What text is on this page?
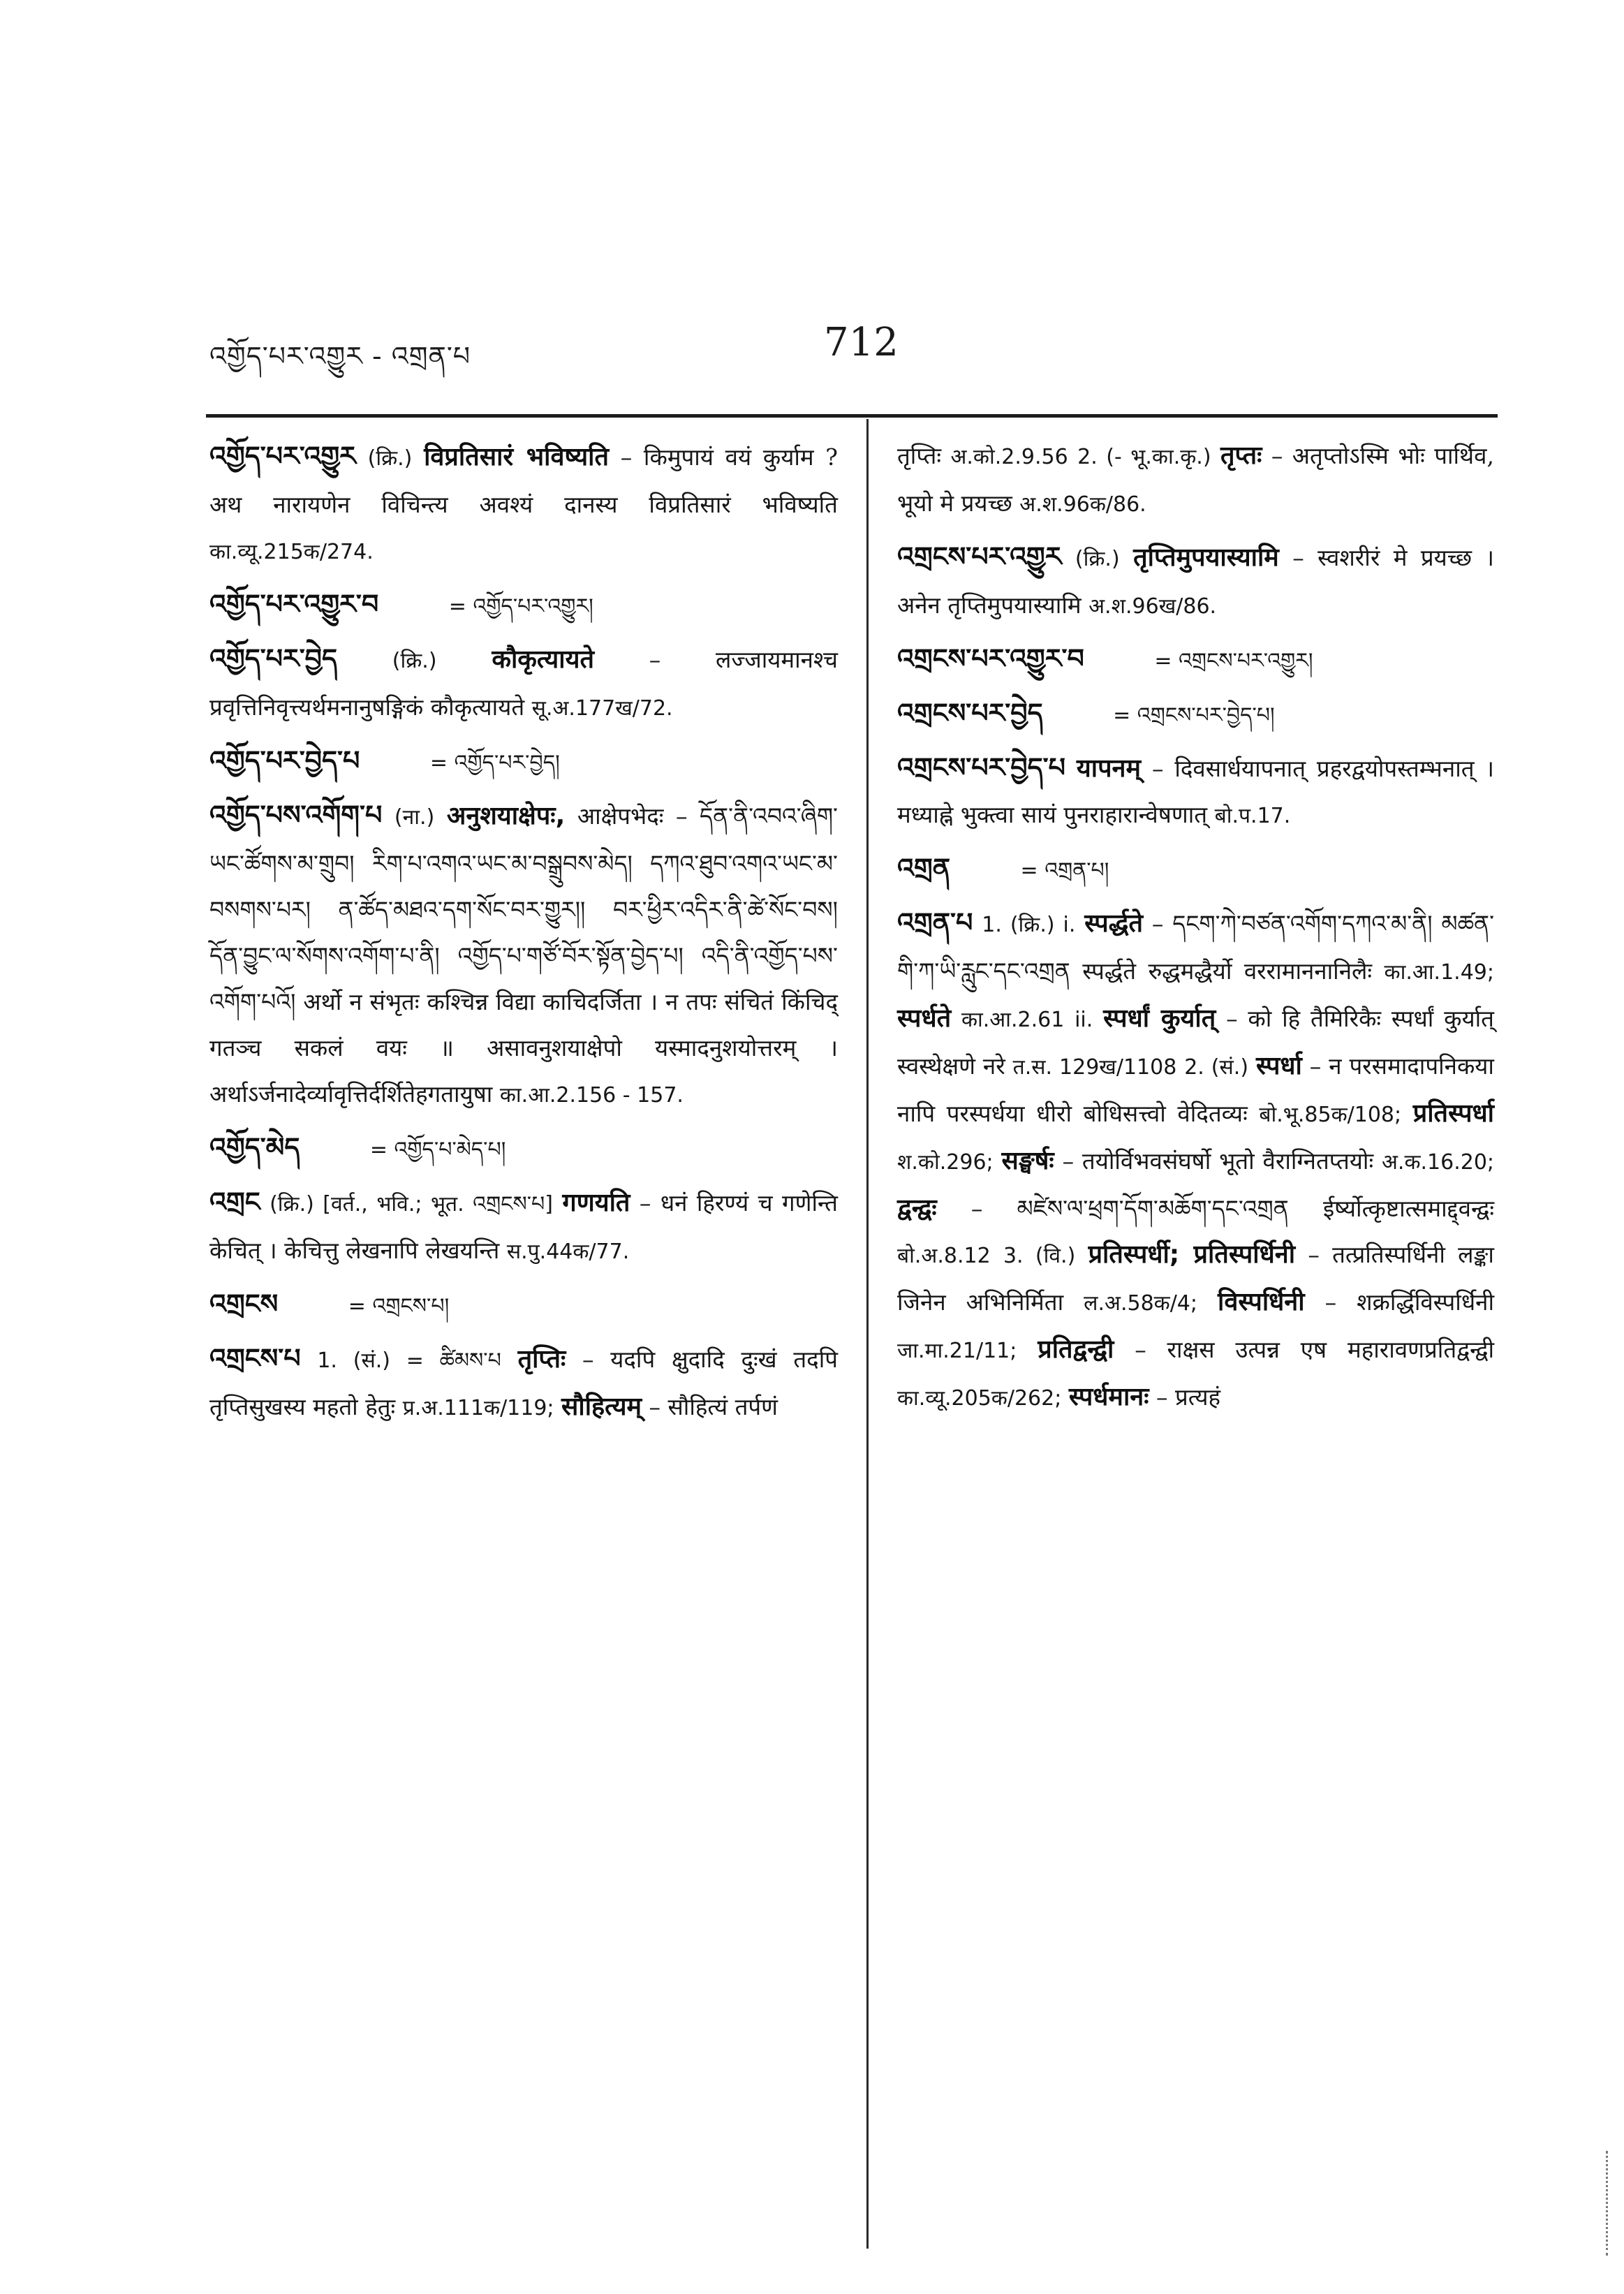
འགྱོད་པར་འགྱུར - འགྲན་པ	712
འགྱོད་པར་འགྱུར (क्रि.) विप्रतिसारं भविष्यति – किमुपायं वयं कुर्याम ? अथ नारायणेन विचिन्त्य अवश्यं दानस्य विप्रतिसारं भविष्यति का.व्यू.215क/274.
འགྱོད་པར་འགྱུར་བ	= འགྱོད་པར་འགྱུར།
འགྱོད་པར་བྱེད	(क्रि.) कौकृत्यायते – लज्जायमानश्च प्रवृत्तिनिवृत्त्यर्थमनानुषङ्गिकं कौकृत्यायते सू.अ.177ख/72.
འགྱོད་པར་བྱེད་པ	= འགྱོད་པར་བྱེད།
འགྱོད་པས་འགོག་པ (ना.) अनुशयाक्षेपः, आक्षेपभेदः – དོན་ནི་འབའ་ཞིག་ཡང་ཚོགས་མ་གྲུབ། རིག་པ་འགའ་ཡང་མ་བསྒྲུབས་མེད། དཀའ་ཐུབ་འགའ་ཡང་མ་བསགས་པར། ན་ཚོད་མཐའ་དག་སོང་བར་གྱུར།། བར་ཕྱིར་འདིར་ནི་ཚེ་སོང་བས། དོན་བྱུང་ལ་སོགས་འགོག་པ་ནི། འགྱོད་པ་གཙོ་བོར་སྟོན་བྱེད་པ། འདི་ནི་འགྱོད་པས་འགོག་པའོ། अर्थो न संभृतः कश्चिन्न विद्या काचिदर्जिता । न तपः संचितं किंचिद् गतञ्च सकलं वयः ॥ असावनुशयाक्षेपो यस्मादनुशयोत्तरम् । अर्थाऽर्जनादेर्व्यावृत्तिर्दर्शितेहगतायुषा का.आ.2.156 - 157.
འགྱོད་མེད	= འགྱོད་པ་མེད་པ།
འགྲང (क्रि.) [वर्त., भवि.; भूत. འགྲངས་པ] गणयति – धनं हिरण्यं च गणेन्ति केचित् । केचित्तु लेखनापि लेखयन्ति स.पु.44क/77.
འགྲངས	= འགྲངས་པ།
འགྲངས་པ 1. (सं.) = ཚིམས་པ तृप्तिः – यदपि क्षुदादि दुःखं तदपि तृप्तिसुखस्य महतो हेतुः प्र.अ.111क/119; सौहित्यम् – सौहित्यं तर्पणं
तृप्तिः अ.को.2.9.56 2. (- भू.का.कृ.) तृप्तः – अतृप्तोऽस्मि भोः पार्थिव, भूयो मे प्रयच्छ अ.श.96क/86.
འགྲངས་པར་འགྱུར (क्रि.) तृप्तिमुपयास्यामि – स्वशरीरं मे प्रयच्छ । अनेन तृप्तिमुपयास्यामि अ.श.96ख/86.
འགྲངས་པར་འགྱུར་བ	= འགྲངས་པར་འགྱུར།
འགྲངས་པར་བྱེད	= འགྲངས་པར་བྱེད་པ།
འགྲངས་པར་བྱེད་པ यापनम् – दिवसार्धयापनात् प्रहरद्वयोपस्तम्भनात् । मध्याह्ने भुक्त्वा सायं पुनराहारान्वेषणात् बो.प.17.
འགྲན	= འགྲན་པ།
འགྲན་པ 1. (क्रि.) i. स्पर्द्धते – དངག་ཀེ་བཙན་འགོག་དཀའ་མ་ནི། མཚན་གི་ཀ་ཡི་རླུང་དང་འགྲན स्पर्द्धते रुद्धमद्धैर्यो वररामाननानिलैः का.आ.1.49; स्पर्धते का.आ.2.61 ii. स्पर्धां कुर्यात् – को हि तैमिरिकैः स्पर्धां कुर्यात् स्वस्थेक्षणे नरे त.स. 129ख/1108 2. (सं.) स्पर्धा – न परसमादापनिकया नापि परस्पर्धया धीरो बोधिसत्त्वो वेदितव्यः बो.भू.85क/108; प्रतिस्पर्धा श.को.296; सङ्घर्षः – तयोर्विभवसंघर्षो भूतो वैराग्नितप्तयोः अ.क.16.20; द्वन्द्वः – མཛེས་ལ་ཕྲག་དོག་མཆོག་དང་འགྲན ईर्ष्योत्कृष्टात्समाद्द्वन्द्वः बो.अ.8.12 3. (वि.) प्रतिस्पर्धी; प्रतिस्पर्धिनी – तत्प्रतिस्पर्धिनी लङ्का जिनेन अभिनिर्मिता ल.अ.58क/4; विस्पर्धिनी – शक्रर्द्धिविस्पर्धिनी जा.मा.21/11; प्रतिद्वन्द्वी – राक्षस उत्पन्न एष महारावणप्रतिद्वन्द्वी का.व्यू.205क/262; स्पर्धमानः – प्रत्यहं
